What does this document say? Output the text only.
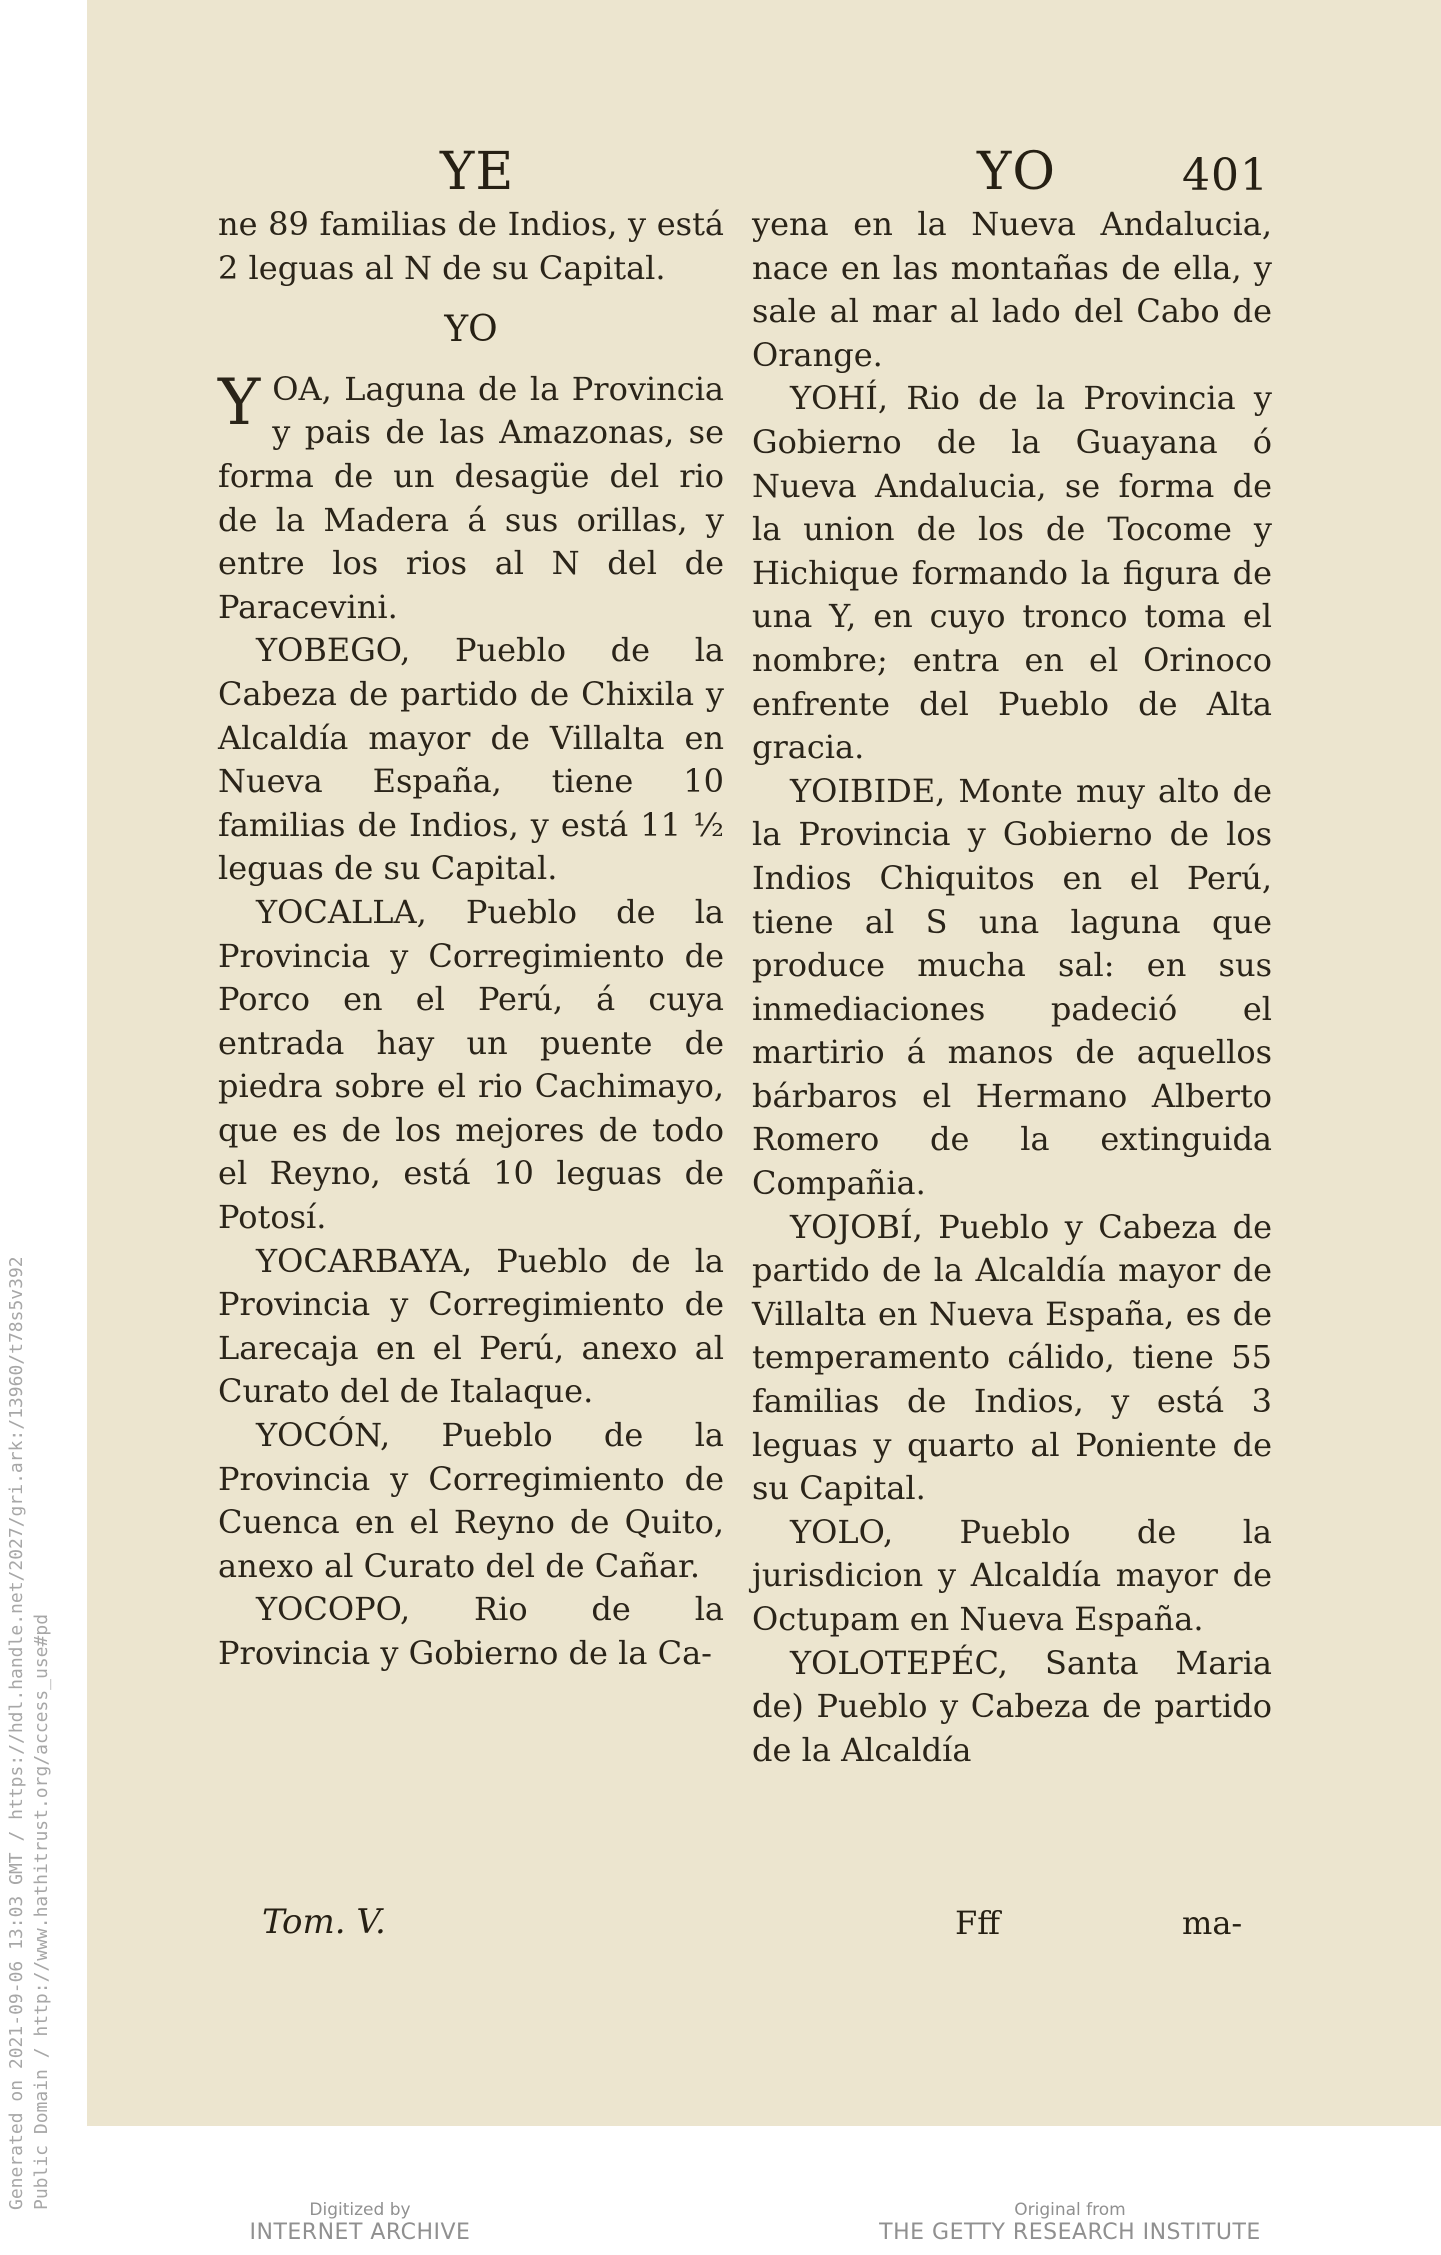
Generated on 2021-09-06 13:03 GMT / https://hdl.handle.net/2027/gri.ark:/13960/t78s5v392 Public Domain / http://www.hathitrust.org/access_use#pd
YE	YO	401

ne 89 familias de Indios, y está 2 leguas al N de su Capital.

YO

Y OA, Laguna de la Provincia y pais de las Amazonas, se forma de un desagüe del rio de la Madera á sus orillas, y entre los rios al N del de Paracevini.

YOBEGO, Pueblo de la Cabeza de partido de Chixila y Alcaldía mayor de Villalta en Nueva España, tiene 10 familias de Indios, y está 11 ½ leguas de su Capital.

YOCALLA, Pueblo de la Provincia y Corregimiento de Porco en el Perú, á cuya entrada hay un puente de piedra sobre el rio Cachimayo, que es de los mejores de todo el Reyno, está 10 leguas de Potosí.

YOCARBAYA, Pueblo de la Provincia y Corregimiento de Larecaja en el Perú, anexo al Curato del de Italaque.

YOCÓN, Pueblo de la Provincia y Corregimiento de Cuenca en el Reyno de Quito, anexo al Curato del de Cañar.

YOCOPO, Rio de la Provincia y Gobierno de la Ca-

Tom. V.

yena en la Nueva Andalucia, nace en las montañas de ella, y sale al mar al lado del Cabo de Orange.

YOHÍ, Rio de la Provincia y Gobierno de la Guayana ó Nueva Andalucia, se forma de la union de los de Tocome y Hichique formando la figura de una Y, en cuyo tronco toma el nombre; entra en el Orinoco enfrente del Pueblo de Alta gracia.

YOIBIDE, Monte muy alto de la Provincia y Gobierno de los Indios Chiquitos en el Perú, tiene al S una laguna que produce mucha sal: en sus inmediaciones padeció el martirio á manos de aquellos bárbaros el Hermano Alberto Romero de la extinguida Compañia.

YOJOBÍ, Pueblo y Cabeza de partido de la Alcaldía mayor de Villalta en Nueva España, es de temperamento cálido, tiene 55 familias de Indios, y está 3 leguas y quarto al Poniente de su Capital.

YOLO, Pueblo de la jurisdicion y Alcaldía mayor de Octupam en Nueva España.

YOLOTEPÉC, Santa Maria de) Pueblo y Cabeza de partido de la Alcaldía

Fff	ma-
Digitized by
INTERNET ARCHIVE
Original from
THE GETTY RESEARCH INSTITUTE
